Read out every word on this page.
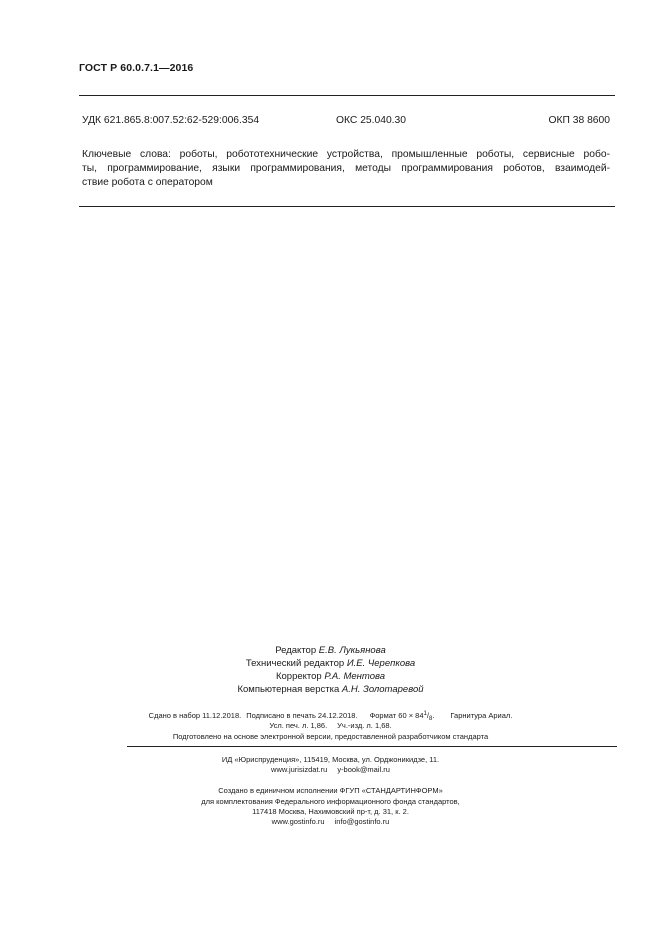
ГОСТ Р 60.0.7.1—2016
УДК 621.865.8:007.52:62-529:006.354	ОКС 25.040.30	ОКП 38 8600
Ключевые слова: роботы, робототехнические устройства, промышленные роботы, сервисные робо-
ты, программирование, языки программирования, методы программирования роботов, взаимодей-
ствие робота с оператором
Редактор Е.В. Лукьянова
Технический редактор И.Е. Черепкова
Корректор Р.А. Ментова
Компьютерная верстка А.Н. Золотаревой
Сдано в набор 11.12.2018. Подписано в печать 24.12.2018. Формат $60 \times 84^1/_8$. Гарнитура Ариал.
Усл. печ. л. 1,86. Уч.-изд. л. 1,68.
Подготовлено на основе электронной версии, предоставленной разработчиком стандарта
ИД «Юриспруденция», 115419, Москва, ул. Орджоникидзе, 11.
www.jurisizdat.ru y-book@mail.ru
Создано в единичном исполнении ФГУП «СТАНДАРТИНФОРМ»
для комплектования Федерального информационного фонда стандартов,
117418 Москва, Нахимовский пр-т, д. 31, к. 2.
www.gostinfo.ru info@gostinfo.ru
